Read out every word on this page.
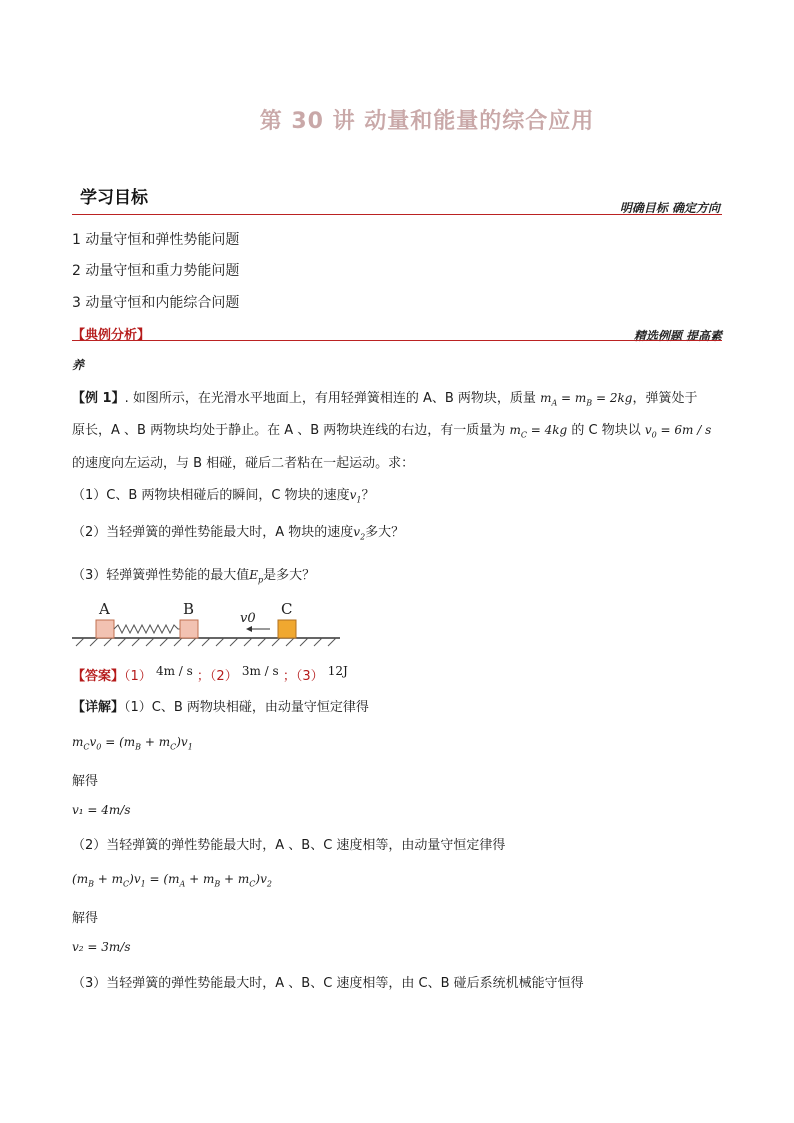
第 30 讲 动量和能量的综合应用
学习目标	明确目标 确定方向
1 动量守恒和弹性势能问题
2 动量守恒和重力势能问题
3 动量守恒和内能综合问题
【典例分析】	精选例题 提高素
养
【例 1】. 如图所示，在光滑水平地面上，有用轻弹簧相连的 A、B 两物块，质量 $m_A = m_B = 2kg$，弹簧处于
原长，A 、B 两物块均处于静止。在 A 、B 两物块连线的右边，有一质量为 $m_C = 4kg$ 的 C 物块以 $v_0 = 6m / s$
的速度向左运动，与 B 相碰，碰后二者粘在一起运动。求：
（1）C、B 两物块相碰后的瞬间，C 物块的速度$v_1$？
（2）当轻弹簧的弹性势能最大时，A 物块的速度$v_2$多大？
（3）轻弹簧弹性势能的最大值$E_p$是多大？
A	B	C
v0
【答案】（1） 4m / s ；（2） 3m / s ；（3） 12J
【详解】（1）C、B 两物块相碰，由动量守恒定律得
$m_Cv_0 = (m_B + m_C)v_1$
解得
v₁ = 4m/s
（2）当轻弹簧的弹性势能最大时，A 、B、C 速度相等，由动量守恒定律得
$(m_B + m_C)v_1 = (m_A + m_B + m_C)v_2$
解得
v₂ = 3m/s
（3）当轻弹簧的弹性势能最大时，A 、B、C 速度相等，由 C、B 碰后系统机械能守恒得
